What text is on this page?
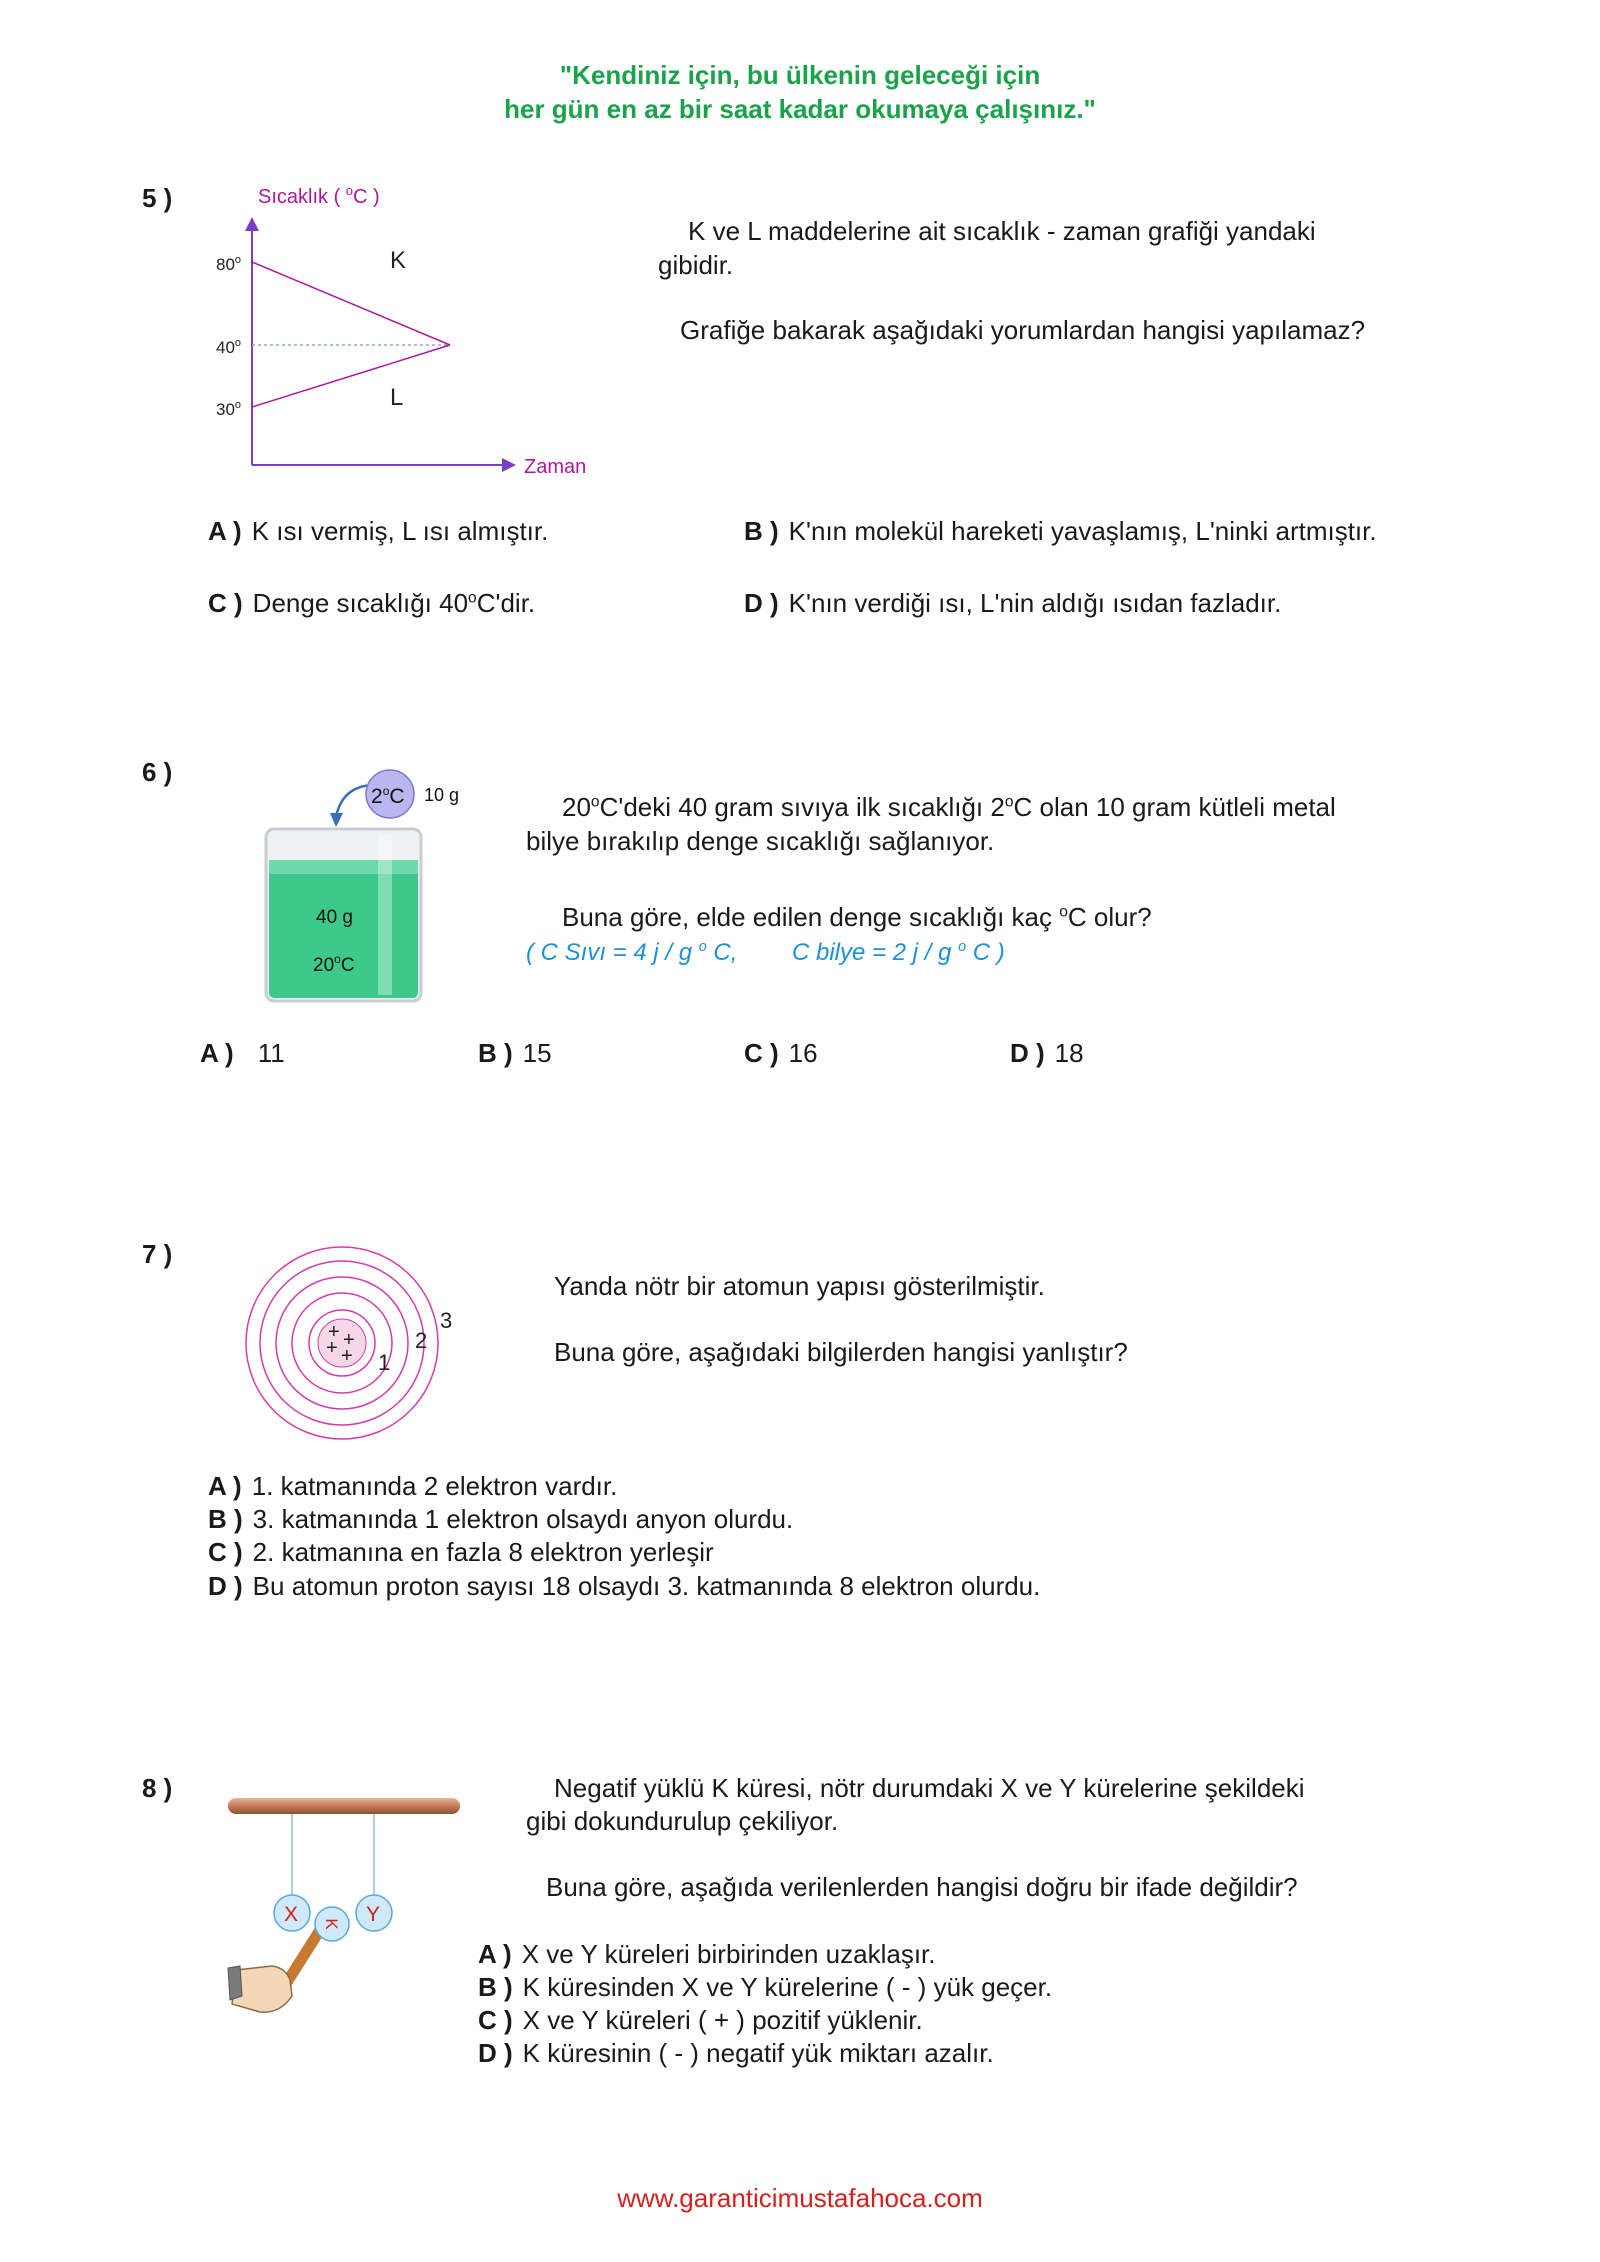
"Kendiniz için, bu ülkenin geleceği için
her gün en az bir saat kadar okumaya çalışınız."
5 )	Sıcaklık ( $^o$C )
Zaman
80$^o$
40$^o$
30$^o$
K
L
K ve L maddelerine ait sıcaklık - zaman grafiği yandaki
gibidir.
Grafiğe bakarak aşağıdaki yorumlardan hangisi yapılamaz?
A ) K ısı vermiş, L ısı almıştır.	B ) K'nın molekül hareketi yavaşlamış, L'ninki artmıştır.
C ) Denge sıcaklığı 40$^o$C'dir.	D ) K'nın verdiği ısı, L'nin aldığı ısıdan fazladır.
6 )
2$^o$C 10 g
40 g
20$^o$C
20$^o$C'deki 40 gram sıvıya ilk sıcaklığı 2$^o$C olan 10 gram kütleli metal
bilye bırakılıp denge sıcaklığı sağlanıyor.
Buna göre, elde edilen denge sıcaklığı kaç $^o$C olur?
( C Sıvı = 4 j / g $^o$ C, C bilye = 2 j / g $^o$ C )
A ) 11	B ) 15	C ) 16	D ) 18
7 )
+ +
+ + 1
2
3
Yanda nötr bir atomun yapısı gösterilmiştir.
Buna göre, aşağıdaki bilgilerden hangisi yanlıştır?
A ) 1. katmanında 2 elektron vardır.
B ) 3. katmanında 1 elektron olsaydı anyon olurdu.
C ) 2. katmanına en fazla 8 elektron yerleşir
D ) Bu atomun proton sayısı 18 olsaydı 3. katmanında 8 elektron olurdu.
8 )
X	Y
K
Negatif yüklü K küresi, nötr durumdaki X ve Y kürelerine şekildeki
gibi dokundurulup çekiliyor.
Buna göre, aşağıda verilenlerden hangisi doğru bir ifade değildir?
A ) X ve Y küreleri birbirinden uzaklaşır.
B ) K küresinden X ve Y kürelerine ( - ) yük geçer.
C ) X ve Y küreleri ( + ) pozitif yüklenir.
D ) K küresinin ( - ) negatif yük miktarı azalır.
www.garanticimustafahoca.com
